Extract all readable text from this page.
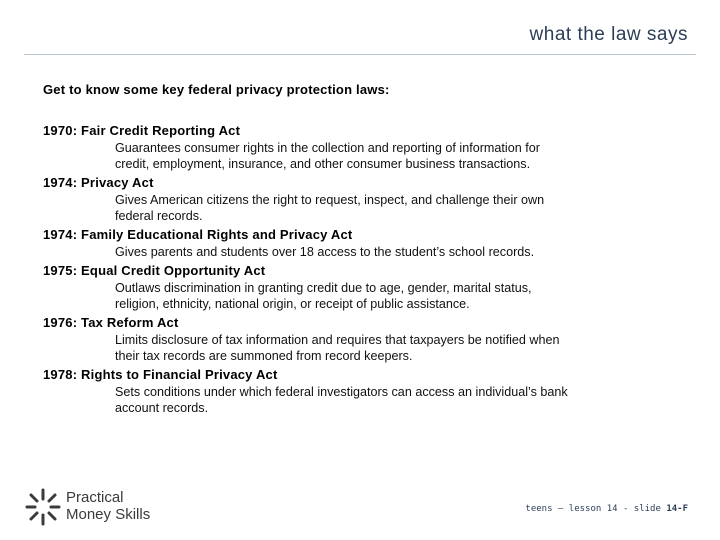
what the law says
Get to know some key federal privacy protection laws:
1970: Fair Credit Reporting Act
Guarantees consumer rights in the collection and reporting of information for
credit, employment, insurance, and other consumer business transactions.
1974: Privacy Act
Gives American citizens the right to request, inspect, and challenge their own
federal records.
1974: Family Educational Rights and Privacy Act
Gives parents and students over 18 access to the student’s school records.
1975: Equal Credit Opportunity Act
Outlaws discrimination in granting credit due to age, gender, marital status,
religion, ethnicity, national origin, or receipt of public assistance.
1976: Tax Reform Act
Limits disclosure of tax information and requires that taxpayers be notified when
their tax records are summoned from record keepers.
1978: Rights to Financial Privacy Act
Sets conditions under which federal investigators can access an individual’s bank
account records.
Practical
Money Skills	teens – lesson 14 - slide 14-F
